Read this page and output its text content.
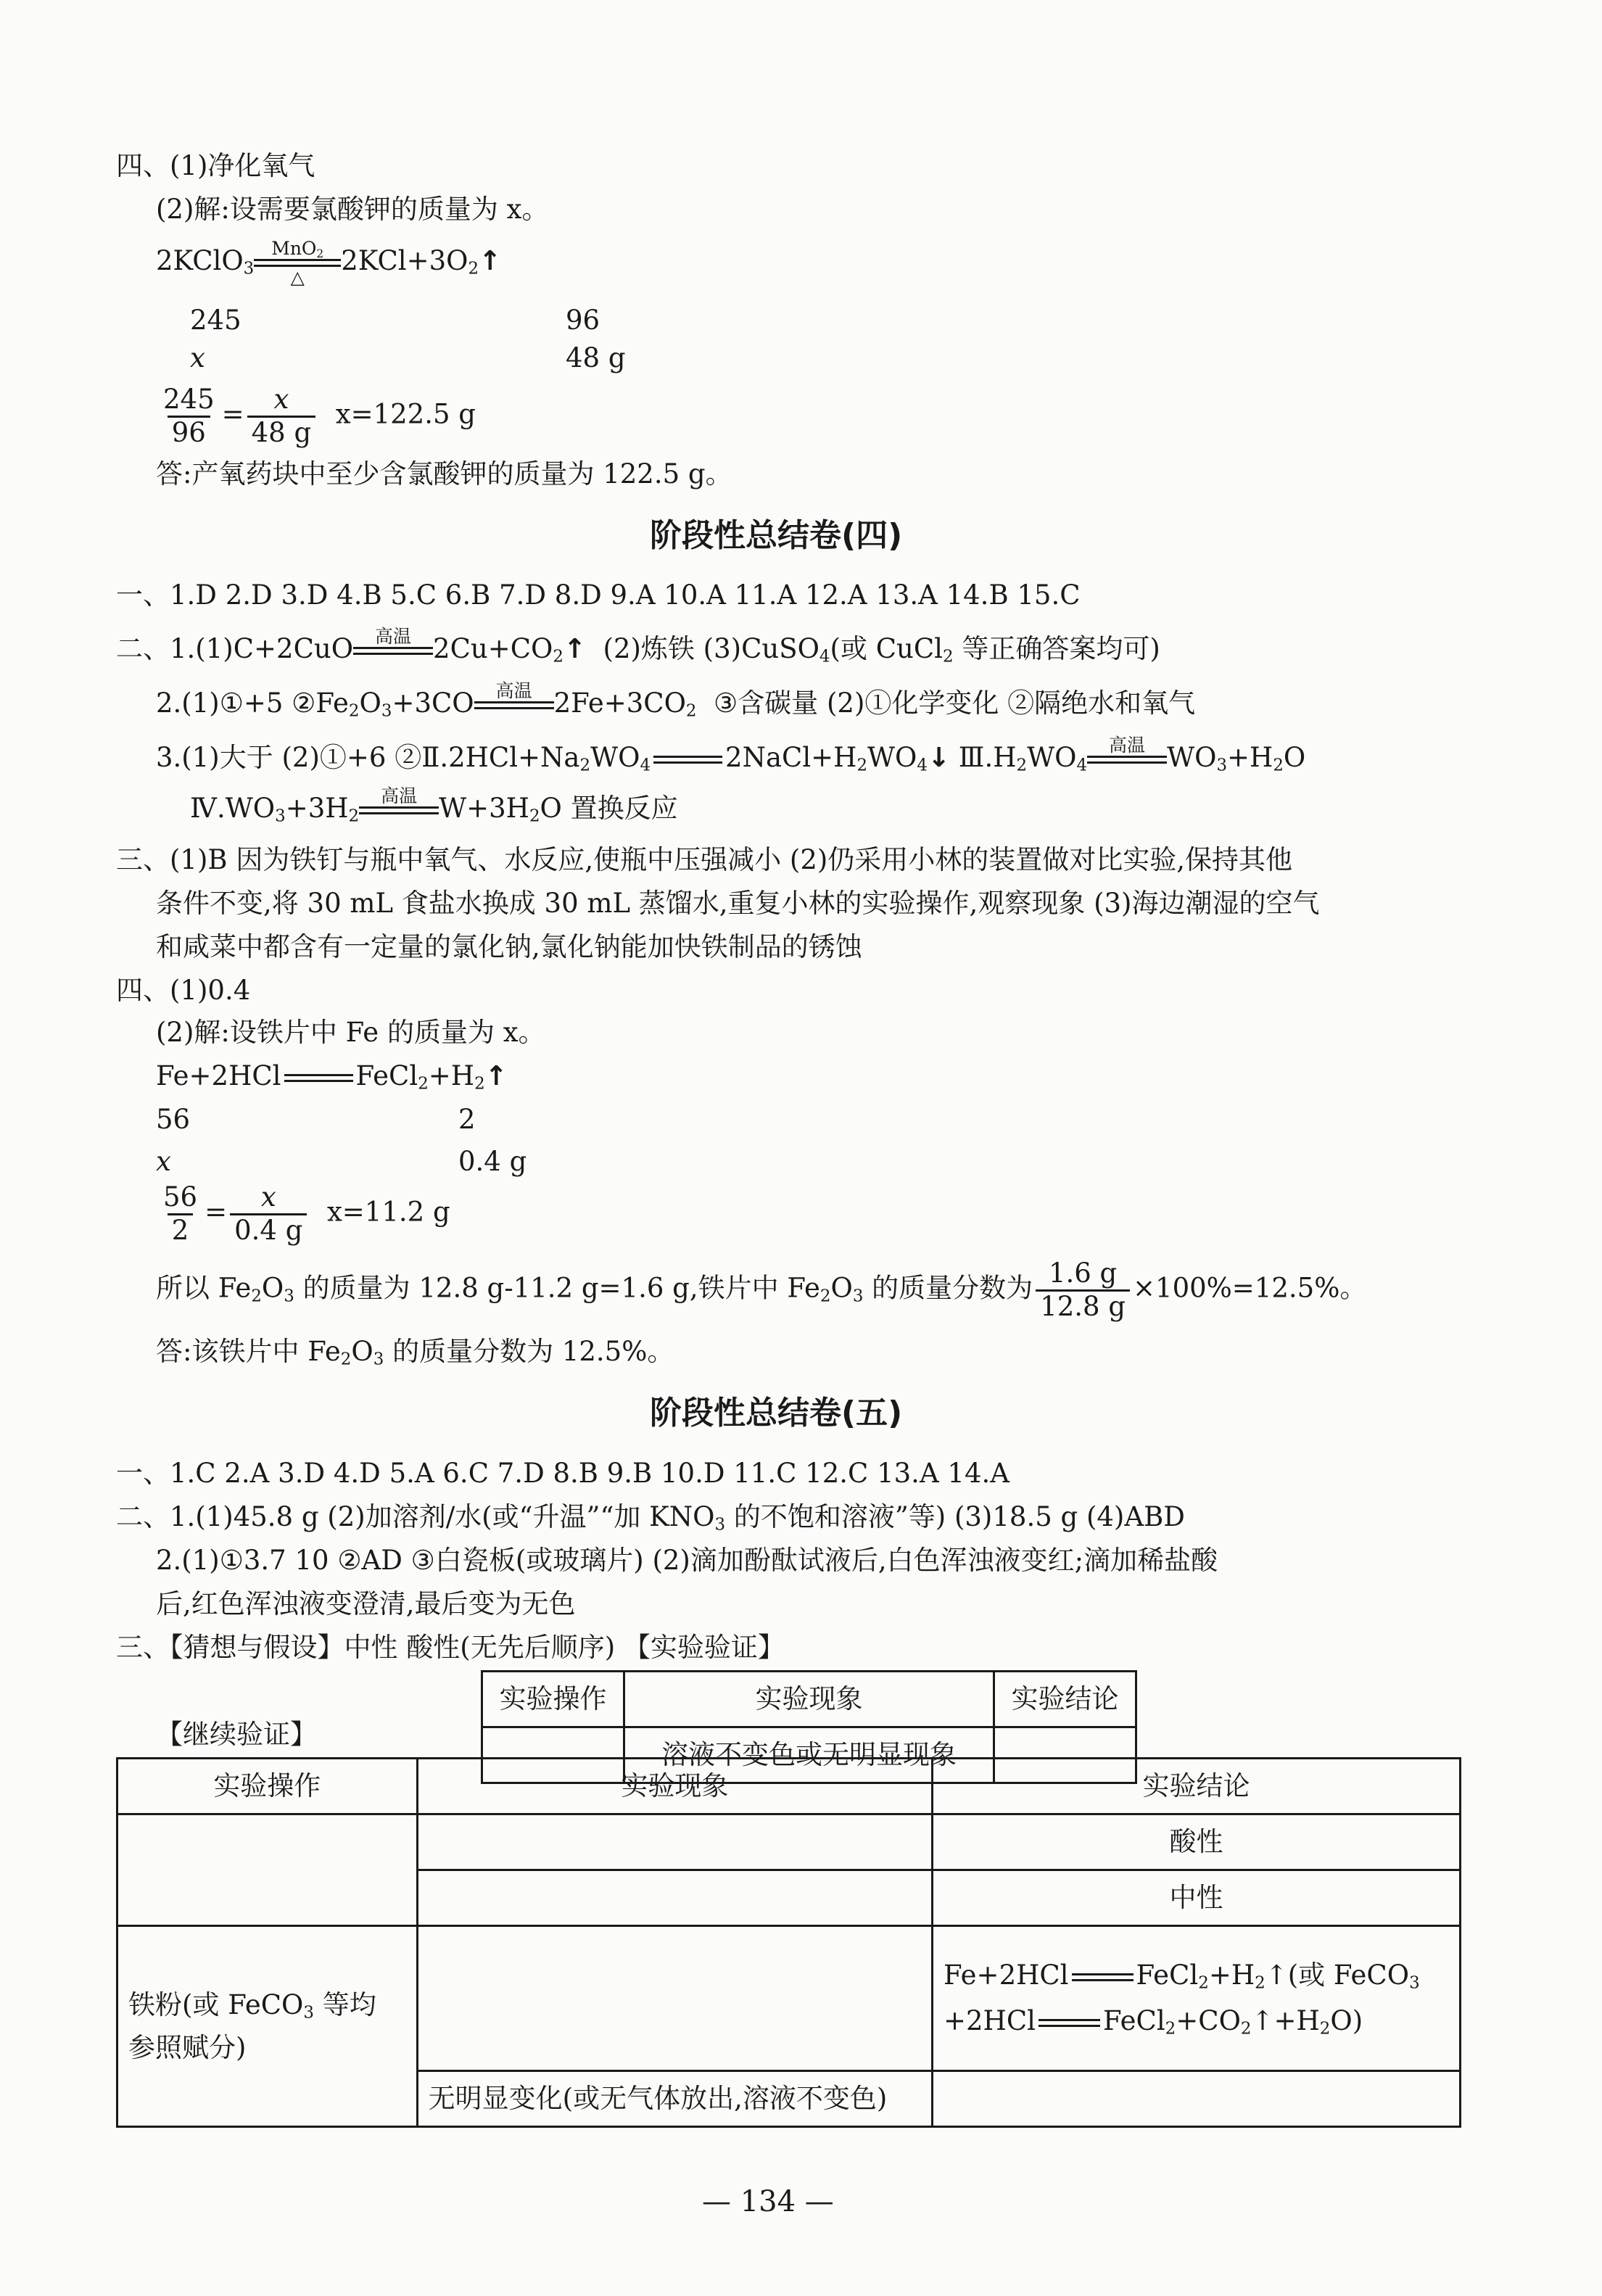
四、(1)净化氧气
(2)解:设需要氯酸钾的质量为 x。
2KClO$_3$
MnO$_2$
△
$2KCl+3O_2↑$
245	96
x	48 g
$\frac{245}{96} = \frac{x}{48 g} x=122.5$ g
答:产氧药块中至少含氯酸钾的质量为 122.5 g。
阶段性总结卷(四)
一、1.D 2.D 3.D 4.B 5.C 6.B 7.D 8.D 9.A 10.A 11.A 12.A 13.A 14.B 15.C
二、1.(1)C+2CuO	高温
$2Cu+CO_2↑$ (2)炼铁 (3)CuSO$_4$(或 CuCl$_2$ 等正确答案均可)
2.(1)①+5 $②Fe_2O_3+3CO$	高温
$2Fe+3CO_2$ ③含碳量 (2)①化学变化 ②隔绝水和氧气
3.(1)大于 (2)①+6 $②Ⅱ.2HCl+Na_2WO_4$	$2NaCl+H_2WO_4↓$ $Ⅲ.H_2WO_4$
高温
$WO_3+H_2O$
$Ⅳ.WO_3+3H_2$
高温
$W+3H_2O$ 置换反应
三、(1)B 因为铁钉与瓶中氧气、水反应,使瓶中压强减小 (2)仍采用小林的装置做对比实验,保持其他
条件不变,将 30 mL 食盐水换成 30 mL 蒸馏水,重复小林的实验操作,观察现象 (3)海边潮湿的空气
和咸菜中都含有一定量的氯化钠,氯化钠能加快铁制品的锈蚀
四、(1)0.4
(2)解:设铁片中 Fe 的质量为 x。
Fe+2HCl	$FeCl_2+H_2↑$
56	2
x	0.4 g
$\frac{56}{2} = \frac{x}{0.4 g} x=11.2$ g
所以 $Fe_2O_3$ 的质量为 12.8 g-11.2 g=1.6 g,铁片中 $Fe_2O_3$ 的质量分数为 $\frac{1.6 g}{12.8 g} \times 100\%=12.5\%$。
答:该铁片中 $Fe_2O_3$ 的质量分数为 12.5%。
阶段性总结卷(五)
一、1.C 2.A 3.D 4.D 5.A 6.C 7.D 8.B 9.B 10.D 11.C 12.C 13.A 14.A
二、1.(1)45.8 g (2)加溶剂/水(或“升温”“加 $KNO_3$ 的不饱和溶液”等) (3)18.5 g (4)ABD
2.(1)①3.7 10 ②AD ③白瓷板(或玻璃片) (2)滴加酚酞试液后,白色浑浊液变红;滴加稀盐酸
后,红色浑浊液变澄清,最后变为无色
三、【猜想与假设】中性 酸性(无先后顺序) 【实验验证】
实验操作	实验现象	实验结论
	溶液不变色或无明显现象	
【继续验证】
实验操作	实验现象	实验结论
		酸性
		中性
铁粉(或 FeCO$_3$ 等均
参照赋分)		Fe+2HCl $FeCl_2+H_2↑$(或 FeCO$_3$
+2HCl $FeCl_2+CO_2↑+H_2O$)
	无明显变化(或无气体放出,溶液不变色)	
— 134 —
